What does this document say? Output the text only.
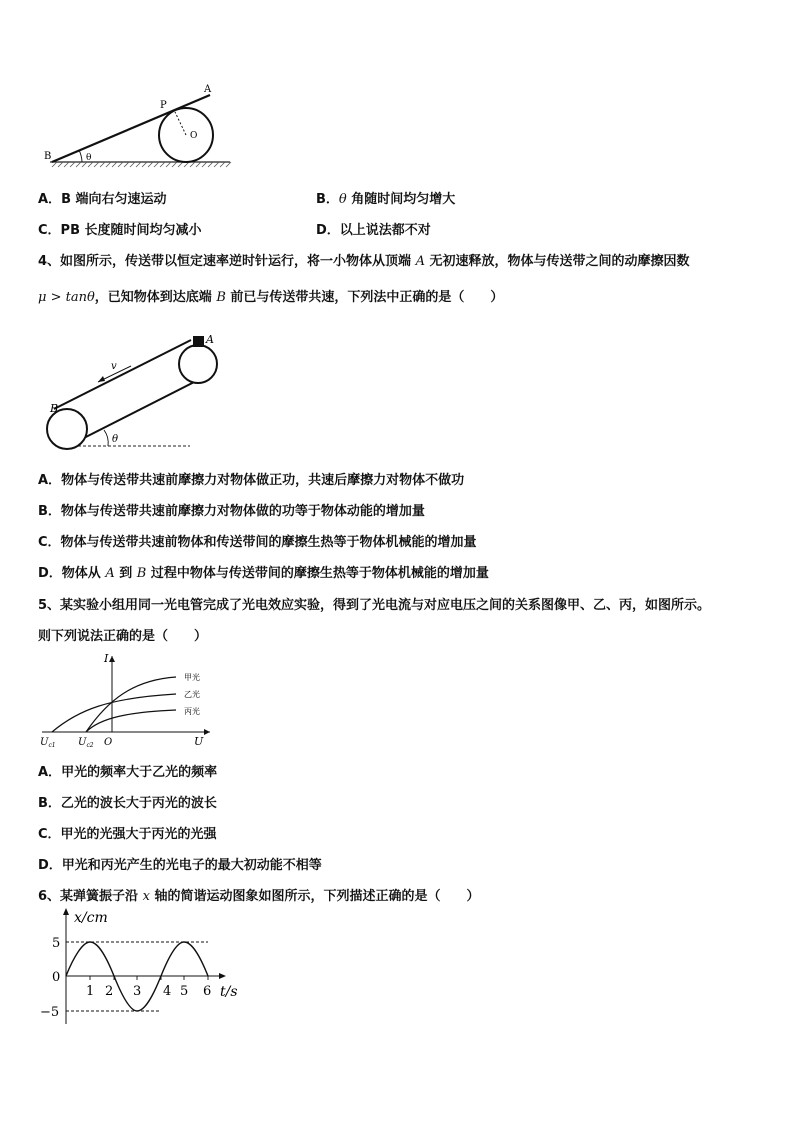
A
P
O
B	θ
A．B 端向右匀速运动	B．θ 角随时间均匀增大
C．PB 长度随时间均匀减小	D．以上说法都不对
4、如图所示，传送带以恒定速率逆时针运行，将一小物体从顶端 A 无初速释放，物体与传送带之间的动摩擦因数
μ > tanθ，已知物体到达底端 B 前已与传送带共速，下列法中正确的是（　　）
A
B
v
θ
A．物体与传送带共速前摩擦力对物体做正功，共速后摩擦力对物体不做功
B．物体与传送带共速前摩擦力对物体做的功等于物体动能的增加量
C．物体与传送带共速前物体和传送带间的摩擦生热等于物体机械能的增加量
D．物体从 A 到 B 过程中物体与传送带间的摩擦生热等于物体机械能的增加量
5、某实验小组用同一光电管完成了光电效应实验，得到了光电流与对应电压之间的关系图像甲、乙、丙，如图所示。
则下列说法正确的是（　　）
I
甲光
乙光
丙光
$U_{c1}$ $U_{c2}$ O	U
A．甲光的频率大于乙光的频率
B．乙光的波长大于丙光的波长
C．甲光的光强大于丙光的光强
D．甲光和丙光产生的光电子的最大初动能不相等
6、某弹簧振子沿 x 轴的简谐运动图象如图所示，下列描述正确的是（　　）
x/cm
5
0
−5
1 2 3 4 5 6 t/s
